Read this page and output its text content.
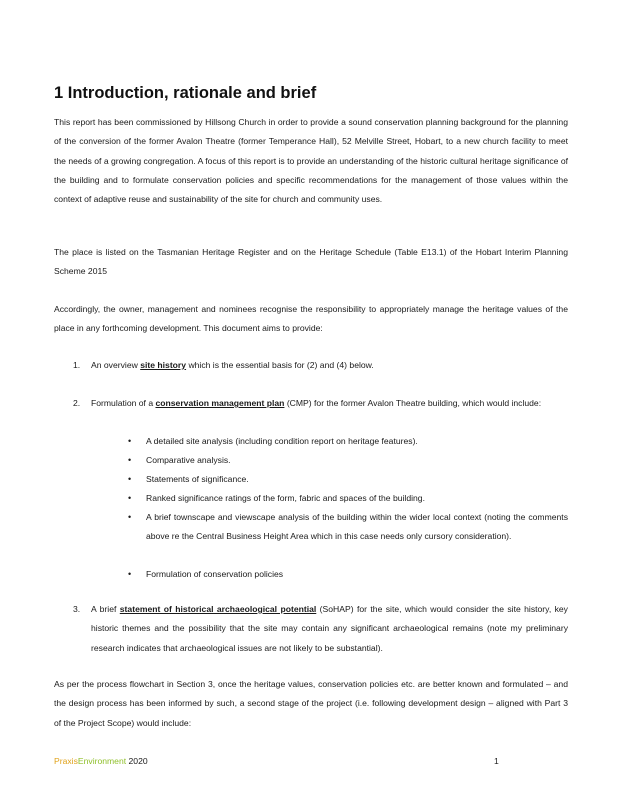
1 Introduction, rationale and brief

This report has been commissioned by Hillsong Church in order to provide a sound conservation planning background for the planning of the conversion of the former Avalon Theatre (former Temperance Hall), 52 Melville Street, Hobart, to a new church facility to meet the needs of a growing congregation. A focus of this report is to provide an understanding of the historic cultural heritage significance of the building and to formulate conservation policies and specific recommendations for the management of those values within the context of adaptive reuse and sustainability of the site for church and community uses.

The place is listed on the Tasmanian Heritage Register and on the Heritage Schedule (Table E13.1) of the Hobart Interim Planning Scheme 2015

Accordingly, the owner, management and nominees recognise the responsibility to appropriately manage the heritage values of the place in any forthcoming development. This document aims to provide:

1. An overview site history which is the essential basis for (2) and (4) below.

2. Formulation of a conservation management plan (CMP) for the former Avalon Theatre building, which would include:

• A detailed site analysis (including condition report on heritage features).

• Comparative analysis.

• Statements of significance.

• Ranked significance ratings of the form, fabric and spaces of the building.

• A brief townscape and viewscape analysis of the building within the wider local context (noting the comments above re the Central Business Height Area which in this case needs only cursory consideration).

• Formulation of conservation policies

3. A brief statement of historical archaeological potential (SoHAP) for the site, which would consider the site history, key historic themes and the possibility that the site may contain any significant archaeological remains (note my preliminary research indicates that archaeological issues are not likely to be substantial).

As per the process flowchart in Section 3, once the heritage values, conservation policies etc. are better known and formulated – and the design process has been informed by such, a second stage of the project (i.e. following development design – aligned with Part 3 of the Project Scope) would include:

PraxisEnvironment 2020	1
